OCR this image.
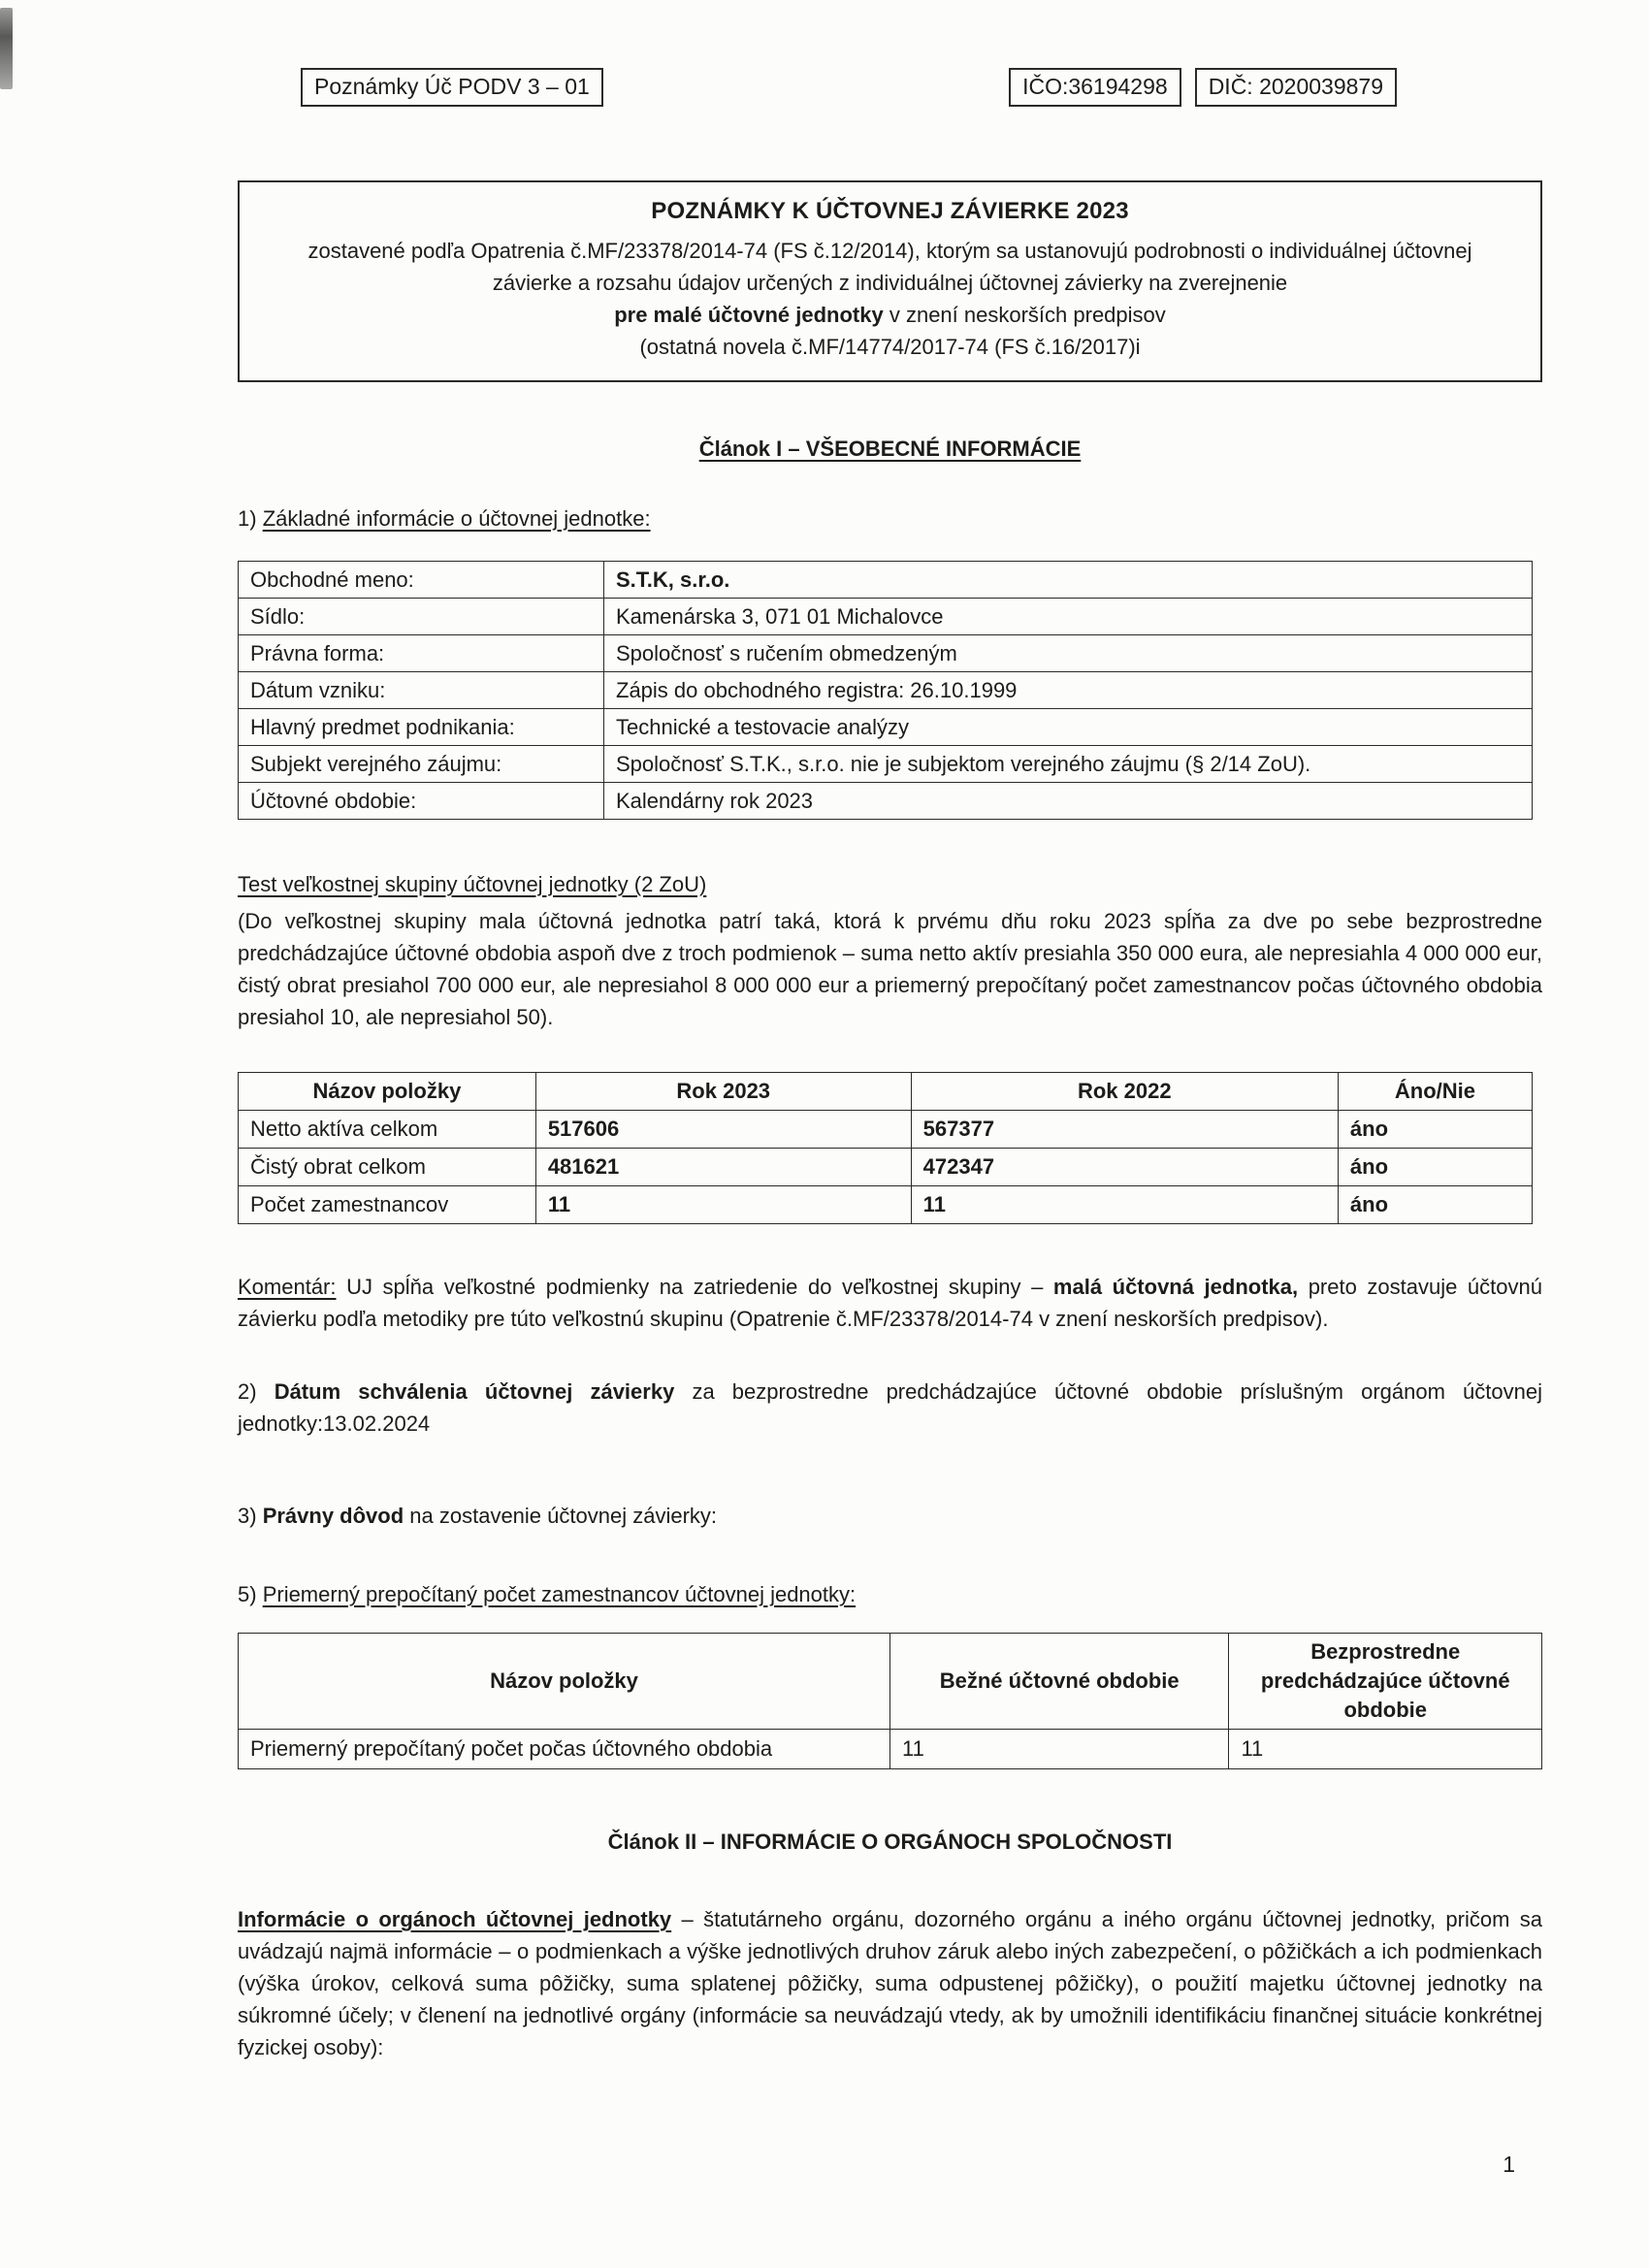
Poznámky Úč PODV 3 – 01	IČO:36194298	DIČ: 2020039879
POZNÁMKY K ÚČTOVNEJ ZÁVIERKE 2023
zostavené podľa Opatrenia č.MF/23378/2014-74 (FS č.12/2014), ktorým sa ustanovujú podrobnosti o individuálnej účtovnej závierke a rozsahu údajov určených z individuálnej účtovnej závierky na zverejnenie
pre malé účtovné jednotky v znení neskorších predpisov
(ostatná novela č.MF/14774/2017-74 (FS č.16/2017)i
Článok I – VŠEOBECNÉ INFORMÁCIE
1) Základné informácie o účtovnej jednotke:
Obchodné meno:	S.T.K, s.r.o.
Sídlo:	Kamenárska 3, 071 01 Michalovce
Právna forma:	Spoločnosť s ručením obmedzeným
Dátum vzniku:	Zápis do obchodného registra: 26.10.1999
Hlavný predmet podnikania:	Technické a testovacie analýzy
Subjekt verejného záujmu:	Spoločnosť S.T.K., s.r.o. nie je subjektom verejného záujmu (§ 2/14 ZoU).
Účtovné obdobie:	Kalendárny rok 2023
Test veľkostnej skupiny účtovnej jednotky (2 ZoU)
(Do veľkostnej skupiny mala účtovná jednotka patrí taká, ktorá k prvému dňu roku 2023 spĺňa za dve po sebe bezprostredne predchádzajúce účtovné obdobia aspoň dve z troch podmienok – suma netto aktív presiahla 350 000 eura, ale nepresiahla 4 000 000 eur, čistý obrat presiahol 700 000 eur, ale nepresiahol 8 000 000 eur a priemerný prepočítaný počet zamestnancov počas účtovného obdobia presiahol 10, ale nepresiahol 50).
Názov položky	Rok 2023	Rok 2022	Áno/Nie
Netto aktíva celkom	517606	567377	áno
Čistý obrat celkom	481621	472347	áno
Počet zamestnancov	11	11	áno
Komentár: UJ spĺňa veľkostné podmienky na zatriedenie do veľkostnej skupiny – malá účtovná jednotka, preto zostavuje účtovnú závierku podľa metodiky pre túto veľkostnú skupinu (Opatrenie č.MF/23378/2014-74 v znení neskorších predpisov).
2) Dátum schválenia účtovnej závierky za bezprostredne predchádzajúce účtovné obdobie príslušným orgánom účtovnej jednotky:13.02.2024
3) Právny dôvod na zostavenie účtovnej závierky:
5) Priemerný prepočítaný počet zamestnancov účtovnej jednotky:
Názov položky	Bežné účtovné obdobie	Bezprostredne predchádzajúce účtovné obdobie
Priemerný prepočítaný počet počas účtovného obdobia	11	11
Článok II – INFORMÁCIE O ORGÁNOCH SPOLOČNOSTI
Informácie o orgánoch účtovnej jednotky – štatutárneho orgánu, dozorného orgánu a iného orgánu účtovnej jednotky, pričom sa uvádzajú najmä informácie – o podmienkach a výške jednotlivých druhov záruk alebo iných zabezpečení, o pôžičkách a ich podmienkach (výška úrokov, celková suma pôžičky, suma splatenej pôžičky, suma odpustenej pôžičky), o použití majetku účtovnej jednotky na súkromné účely; v členení na jednotlivé orgány (informácie sa neuvádzajú vtedy, ak by umožnili identifikáciu finančnej situácie konkrétnej fyzickej osoby):
1
